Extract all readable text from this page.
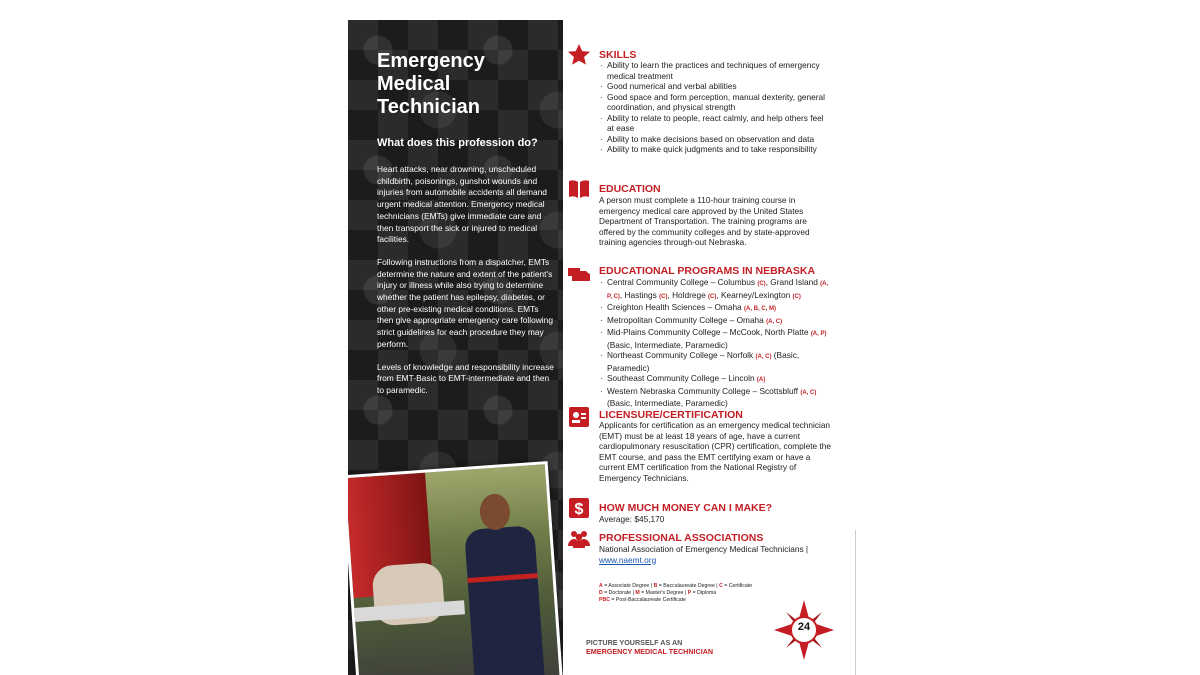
Emergency Medical Technician
What does this profession do?

Heart attacks, near drowning, unscheduled childbirth, poisonings, gunshot wounds and injuries from automobile accidents all demand urgent medical attention. Emergency medical technicians (EMTs) give immediate care and then transport the sick or injured to medical facilities.

Following instructions from a dispatcher, EMTs determine the nature and extent of the patient's injury or illness while also trying to determine whether the patient has epilepsy, diabetes, or other pre-existing medical conditions. EMTs then give appropriate emergency care following strict guidelines for each procedure they may perform.

Levels of knowledge and responsibility increase from EMT-Basic to EMT-intermediate and then to paramedic.

SKILLS
· Ability to learn the practices and techniques of emergency medical treatment
· Good numerical and verbal abilities
· Good space and form perception, manual dexterity, general coordination, and physical strength
· Ability to relate to people, react calmly, and help others feel at ease
· Ability to make decisions based on observation and data
· Ability to make quick judgments and to take responsibility
EDUCATION
A person must complete a 110-hour training course in emergency medical care approved by the United States Department of Transportation. The training programs are offered by the community colleges and by state-approved training agencies through-out Nebraska.
EDUCATIONAL PROGRAMS IN NEBRASKA
· Central Community College – Columbus (C), Grand Island (A, P, C), Hastings (C), Holdrege (C), Kearney/Lexington (C)
· Creighton Health Sciences – Omaha (A, B, C, M)
· Metropolitan Community College – Omaha (A, C)
· Mid-Plains Community College – McCook, North Platte (A, P) (Basic, Intermediate, Paramedic)
· Northeast Community College – Norfolk (A, C) (Basic, Paramedic)
· Southeast Community College – Lincoln (A)
· Western Nebraska Community College – Scottsbluff (A, C) (Basic, Intermediate, Paramedic)
LICENSURE/CERTIFICATION
Applicants for certification as an emergency medical technician (EMT) must be at least 18 years of age, have a current cardiopulmonary resuscitation (CPR) certification, complete the EMT course, and pass the EMT certifying exam or have a current EMT certification from the National Registry of Emergency Technicians.
$ HOW MUCH MONEY CAN I MAKE?
Average: $45,170
PROFESSIONAL ASSOCIATIONS
National Association of Emergency Medical Technicians | www.naemt.org
A = Associate Degree | B = Baccalaureate Degree | C = Certificate
D = Doctorate | M = Master's Degree | P = Diploma
PBC = Post-Baccalaureate Certificate
PICTURE YOURSELF AS AN
EMERGENCY MEDICAL TECHNICIAN
24
